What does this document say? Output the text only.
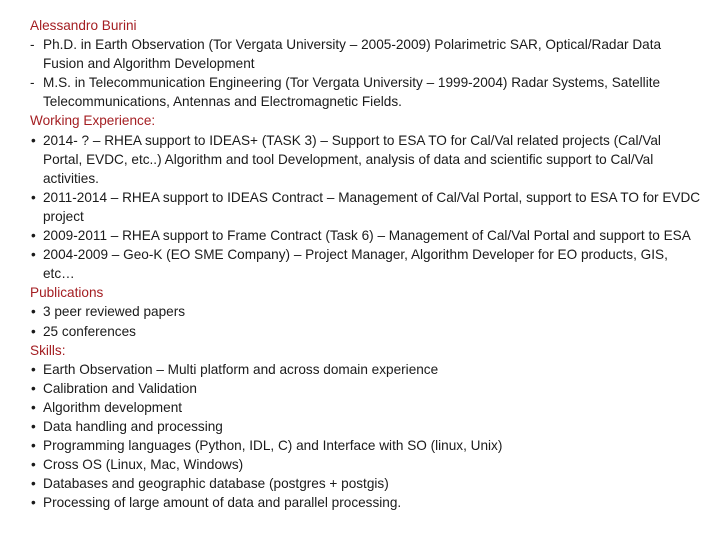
Alessandro Burini
- Ph.D. in Earth Observation (Tor Vergata University – 2005-2009) Polarimetric SAR, Optical/Radar Data Fusion and Algorithm Development
- M.S. in Telecommunication Engineering (Tor Vergata University – 1999-2004) Radar Systems, Satellite Telecommunications, Antennas and Electromagnetic Fields.
Working Experience:
• 2014- ? – RHEA support to IDEAS+ (TASK 3) – Support to ESA TO for Cal/Val related projects (Cal/Val Portal, EVDC, etc..) Algorithm and tool Development, analysis of data and scientific support to Cal/Val activities.
• 2011-2014 – RHEA support to IDEAS Contract – Management of Cal/Val Portal, support to ESA TO for EVDC project
• 2009-2011 – RHEA support to Frame Contract (Task 6) – Management of Cal/Val Portal and support to ESA
• 2004-2009 – Geo-K (EO SME Company) – Project Manager, Algorithm Developer for EO products, GIS, etc…
Publications
• 3 peer reviewed papers
• 25 conferences
Skills:
• Earth Observation – Multi platform and across domain experience
• Calibration and Validation
• Algorithm development
• Data handling and processing
• Programming languages (Python, IDL, C) and Interface with SO (linux, Unix)
• Cross OS (Linux, Mac, Windows)
• Databases and geographic database (postgres + postgis)
• Processing of large amount of data and parallel processing.
